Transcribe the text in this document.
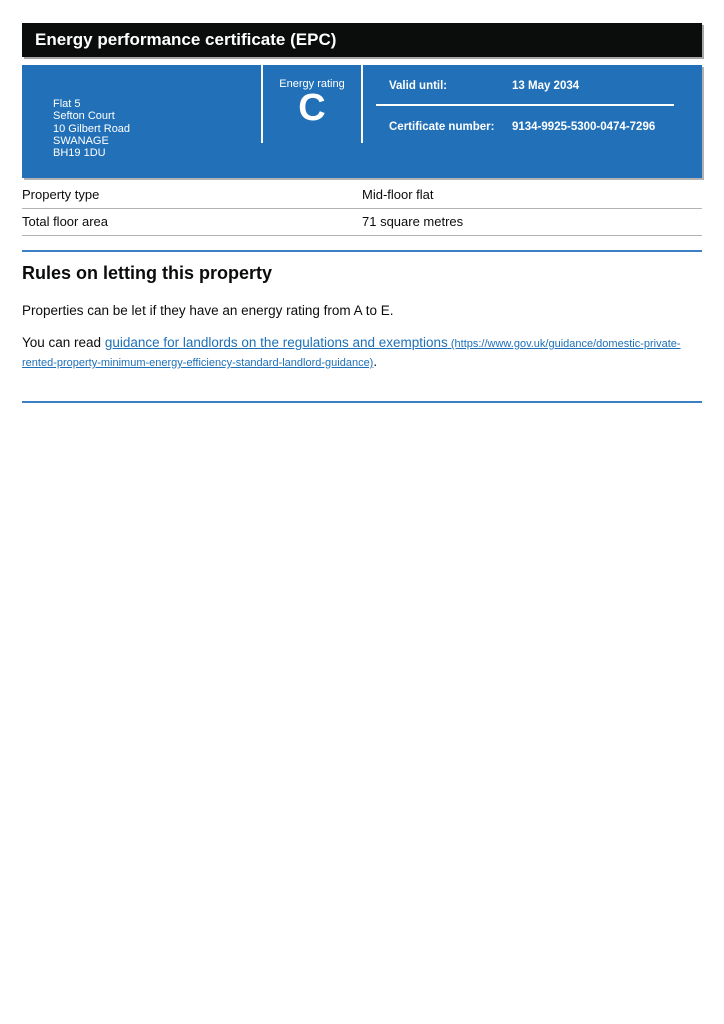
Energy performance certificate (EPC)
Flat 5
Sefton Court
10 Gilbert Road
SWANAGE
BH19 1DU
Energy rating
C
Valid until:	13 May 2034
Certificate number:	9134-9925-5300-0474-7296
Property type	Mid-floor flat
Total floor area	71 square metres
Rules on letting this property

Properties can be let if they have an energy rating from A to E.

You can read guidance for landlords on the regulations and exemptions (https://www.gov.uk/guidance/domestic-private-rented-property-minimum-energy-efficiency-standard-landlord-guidance).
